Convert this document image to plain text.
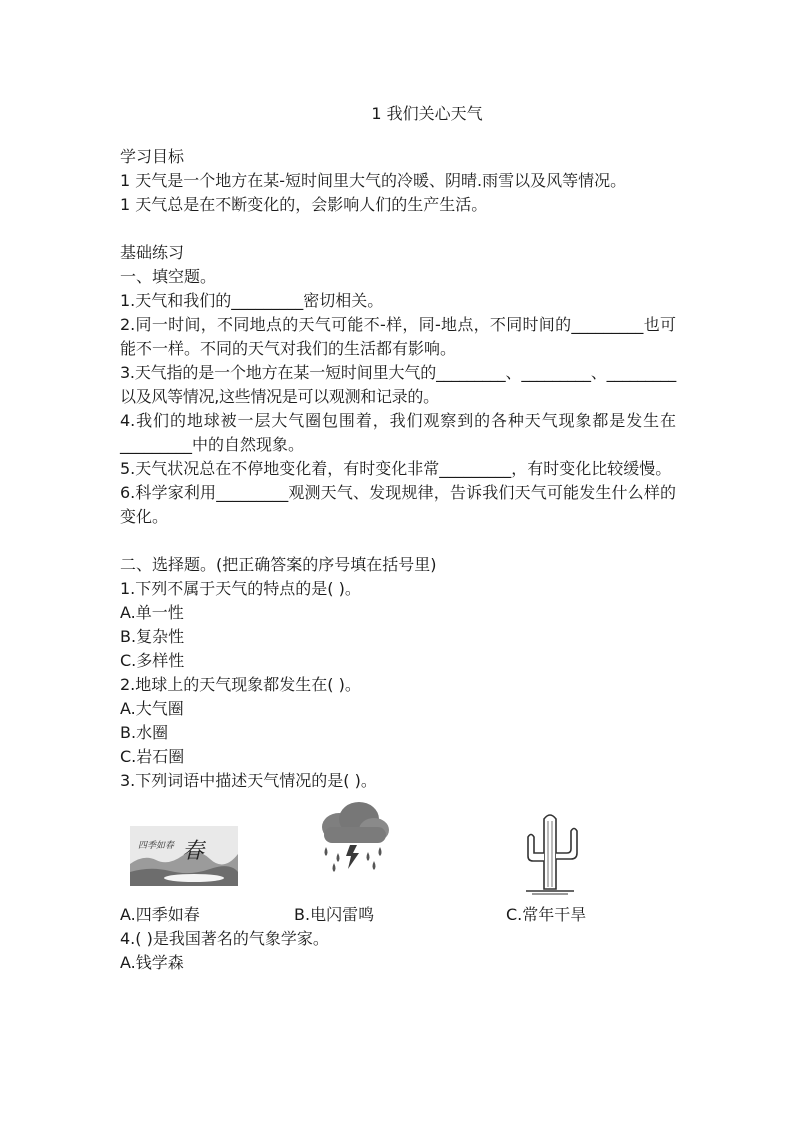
1 我们关心天气

学习目标

1 天气是一个地方在某-短时间里大气的冷暖、阴晴.雨雪以及风等情况。

1 天气总是在不断变化的，会影响人们的生产生活。

基础练习

一、填空题。

1.天气和我们的_________密切相关。

2.同一时间，不同地点的天气可能不-样，同-地点，不同时间的_________也可能不一样。不同的天气对我们的生活都有影响。

3.天气指的是一个地方在某一短时间里大气的_________、_________、_________以及风等情况,这些情况是可以观测和记录的。

4.我们的地球被一层大气圈包围着，我们观察到的各种天气现象都是发生在_________中的自然现象。

5.天气状况总在不停地变化着，有时变化非常_________，有时变化比较缓慢。

6.科学家利用_________观测天气、发现规律，告诉我们天气可能发生什么样的变化。

二、选择题。(把正确答案的序号填在括号里)

1.下列不属于天气的特点的是( )。

A.单一性

B.复杂性

C.多样性

2.地球上的天气现象都发生在( )。

A.大气圈

B.水圈

C.岩石圈

3.下列词语中描述天气情况的是( )。

四季如春 春
A.四季如春	B.电闪雷鸣	C.常年干旱

4.( )是我国著名的气象学家。

A.钱学森
